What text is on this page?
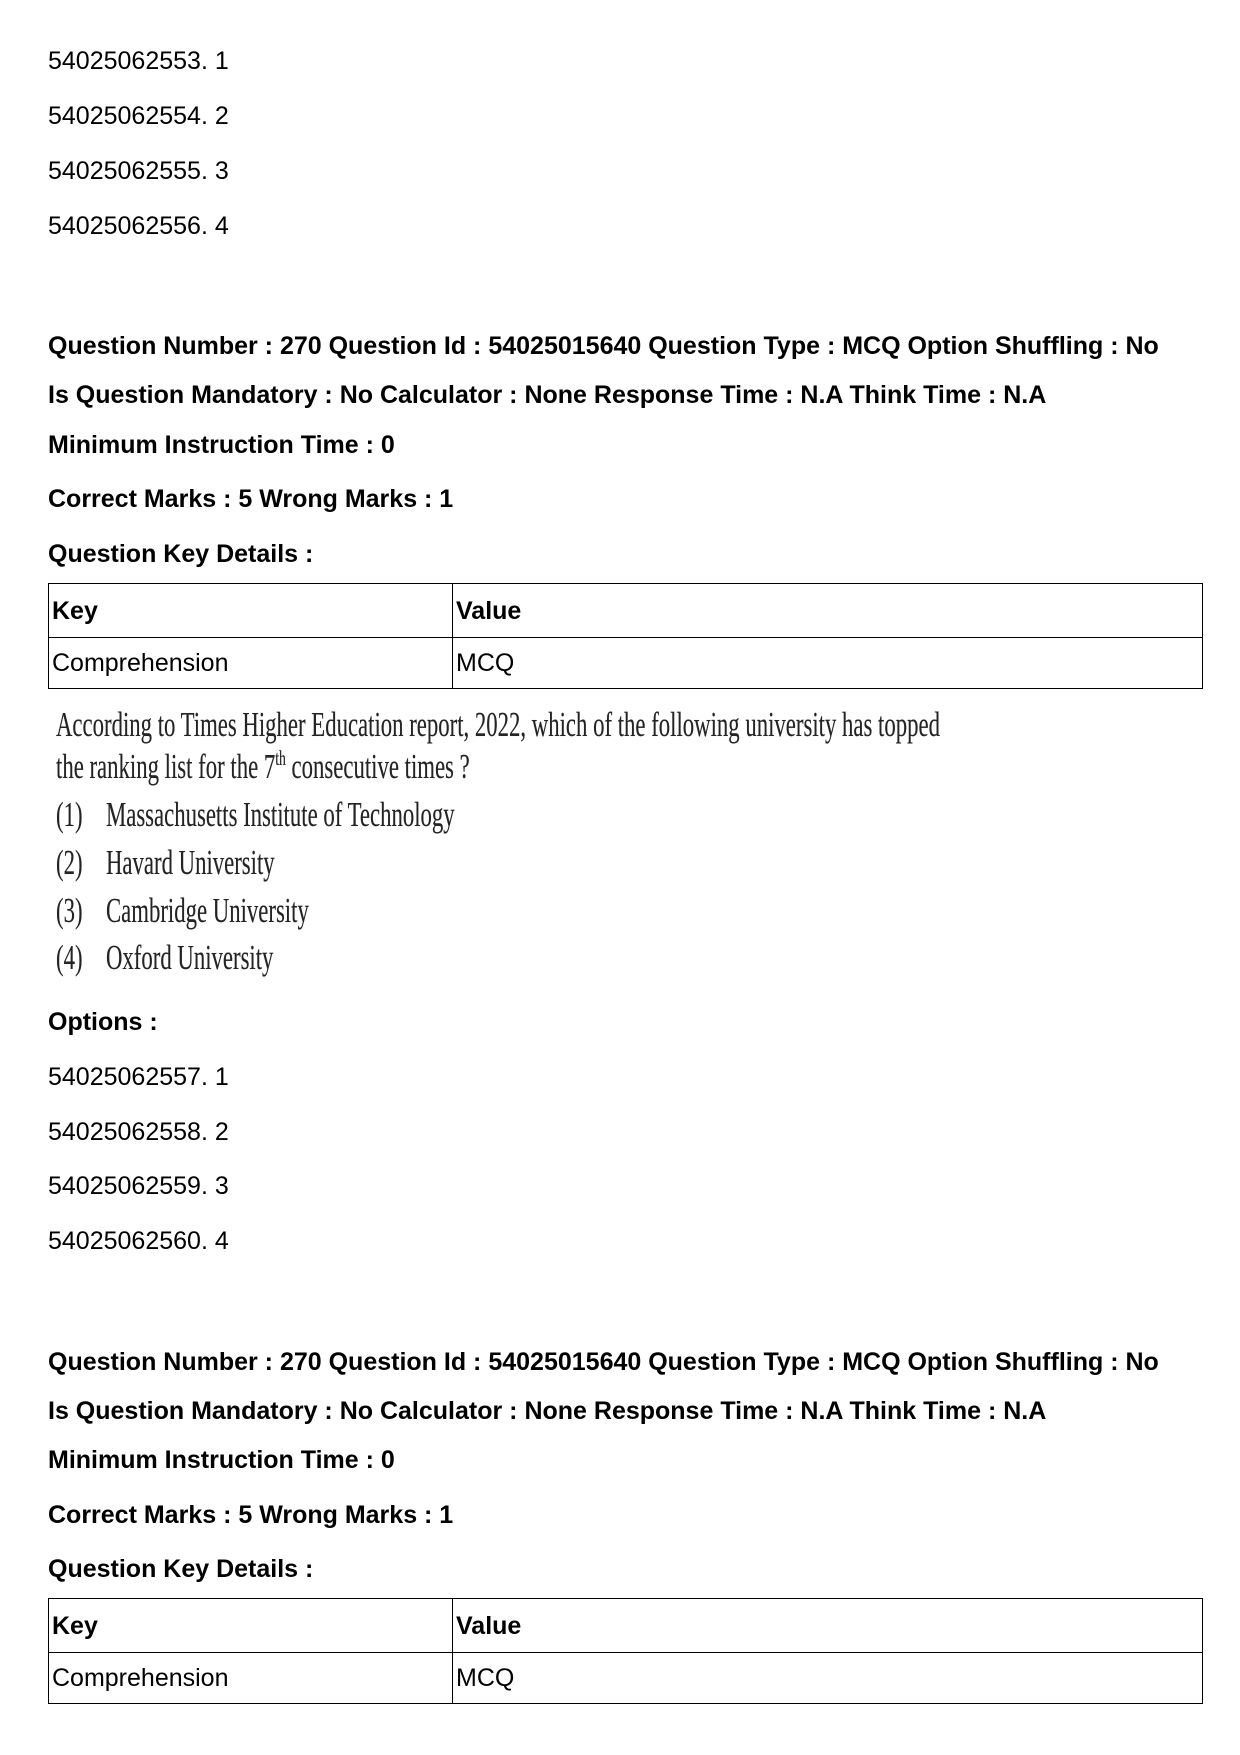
54025062553. 1
54025062554. 2
54025062555. 3
54025062556. 4
Question Number : 270 Question Id : 54025015640 Question Type : MCQ Option Shuffling : No
Is Question Mandatory : No Calculator : None Response Time : N.A Think Time : N.A
Minimum Instruction Time : 0
Correct Marks : 5 Wrong Marks : 1
Question Key Details :
Key	Value
Comprehension	MCQ
According to Times Higher Education report, 2022, which of the following university has topped
the ranking list for the 7th consecutive times ?
(1) Massachusetts Institute of Technology
(2) Havard University
(3) Cambridge University
(4) Oxford University
Options :
54025062557. 1
54025062558. 2
54025062559. 3
54025062560. 4
Question Number : 270 Question Id : 54025015640 Question Type : MCQ Option Shuffling : No
Is Question Mandatory : No Calculator : None Response Time : N.A Think Time : N.A
Minimum Instruction Time : 0
Correct Marks : 5 Wrong Marks : 1
Question Key Details :
Key	Value
Comprehension	MCQ
